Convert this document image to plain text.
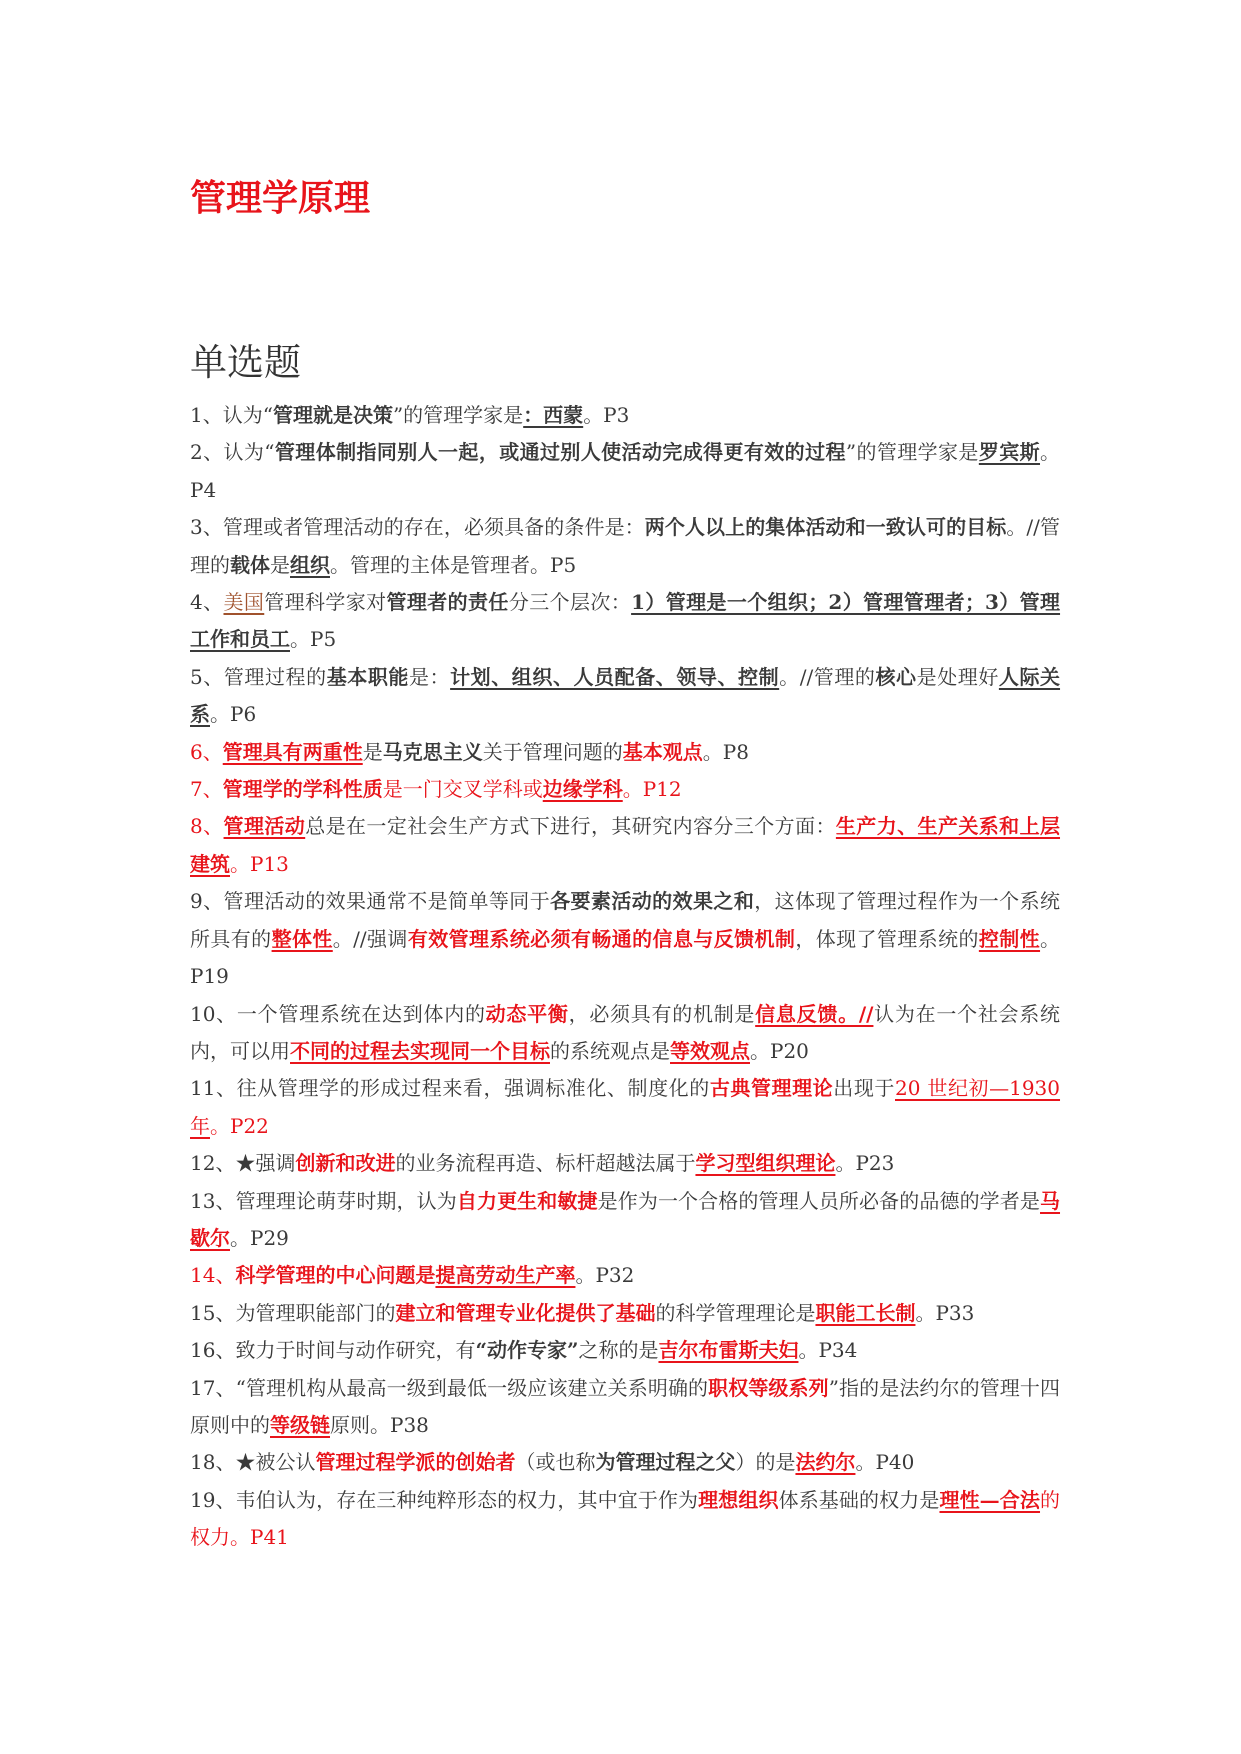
管理学原理
单选题

1、认为“管理就是决策”的管理学家是：西蒙。P3

2、认为“管理体制指同别人一起，或通过别人使活动完成得更有效的过程”的管理学家是罗宾斯。P4

3、管理或者管理活动的存在，必须具备的条件是：两个人以上的集体活动和一致认可的目标。//管理的载体是组织。管理的主体是管理者。P5

4、美国管理科学家对管理者的责任分三个层次：1）管理是一个组织；2）管理管理者；3）管理工作和员工。P5

5、管理过程的基本职能是：计划、组织、人员配备、领导、控制。//管理的核心是处理好人际关系。P6

6、管理具有两重性是马克思主义关于管理问题的基本观点。P8

7、管理学的学科性质是一门交叉学科或边缘学科。P12

8、管理活动总是在一定社会生产方式下进行，其研究内容分三个方面：生产力、生产关系和上层建筑。P13

9、管理活动的效果通常不是简单等同于各要素活动的效果之和，这体现了管理过程作为一个系统所具有的整体性。//强调有效管理系统必须有畅通的信息与反馈机制，体现了管理系统的控制性。P19

10、一个管理系统在达到体内的动态平衡，必须具有的机制是信息反馈。//认为在一个社会系统内，可以用不同的过程去实现同一个目标的系统观点是等效观点。P20

11、往从管理学的形成过程来看，强调标准化、制度化的古典管理理论出现于20 世纪初—1930 年。P22

12、★强调创新和改进的业务流程再造、标杆超越法属于学习型组织理论。P23

13、管理理论萌芽时期，认为自力更生和敏捷是作为一个合格的管理人员所必备的品德的学者是马歇尔。P29

14、科学管理的中心问题是提高劳动生产率。P32

15、为管理职能部门的建立和管理专业化提供了基础的科学管理理论是职能工长制。P33

16、致力于时间与动作研究，有“动作专家”之称的是吉尔布雷斯夫妇。P34

17、“管理机构从最高一级到最低一级应该建立关系明确的职权等级系列”指的是法约尔的管理十四原则中的等级链原则。P38

18、★被公认管理过程学派的创始者（或也称为管理过程之父）的是法约尔。P40

19、韦伯认为，存在三种纯粹形态的权力，其中宜于作为理想组织体系基础的权力是理性—合法的权力。P41
